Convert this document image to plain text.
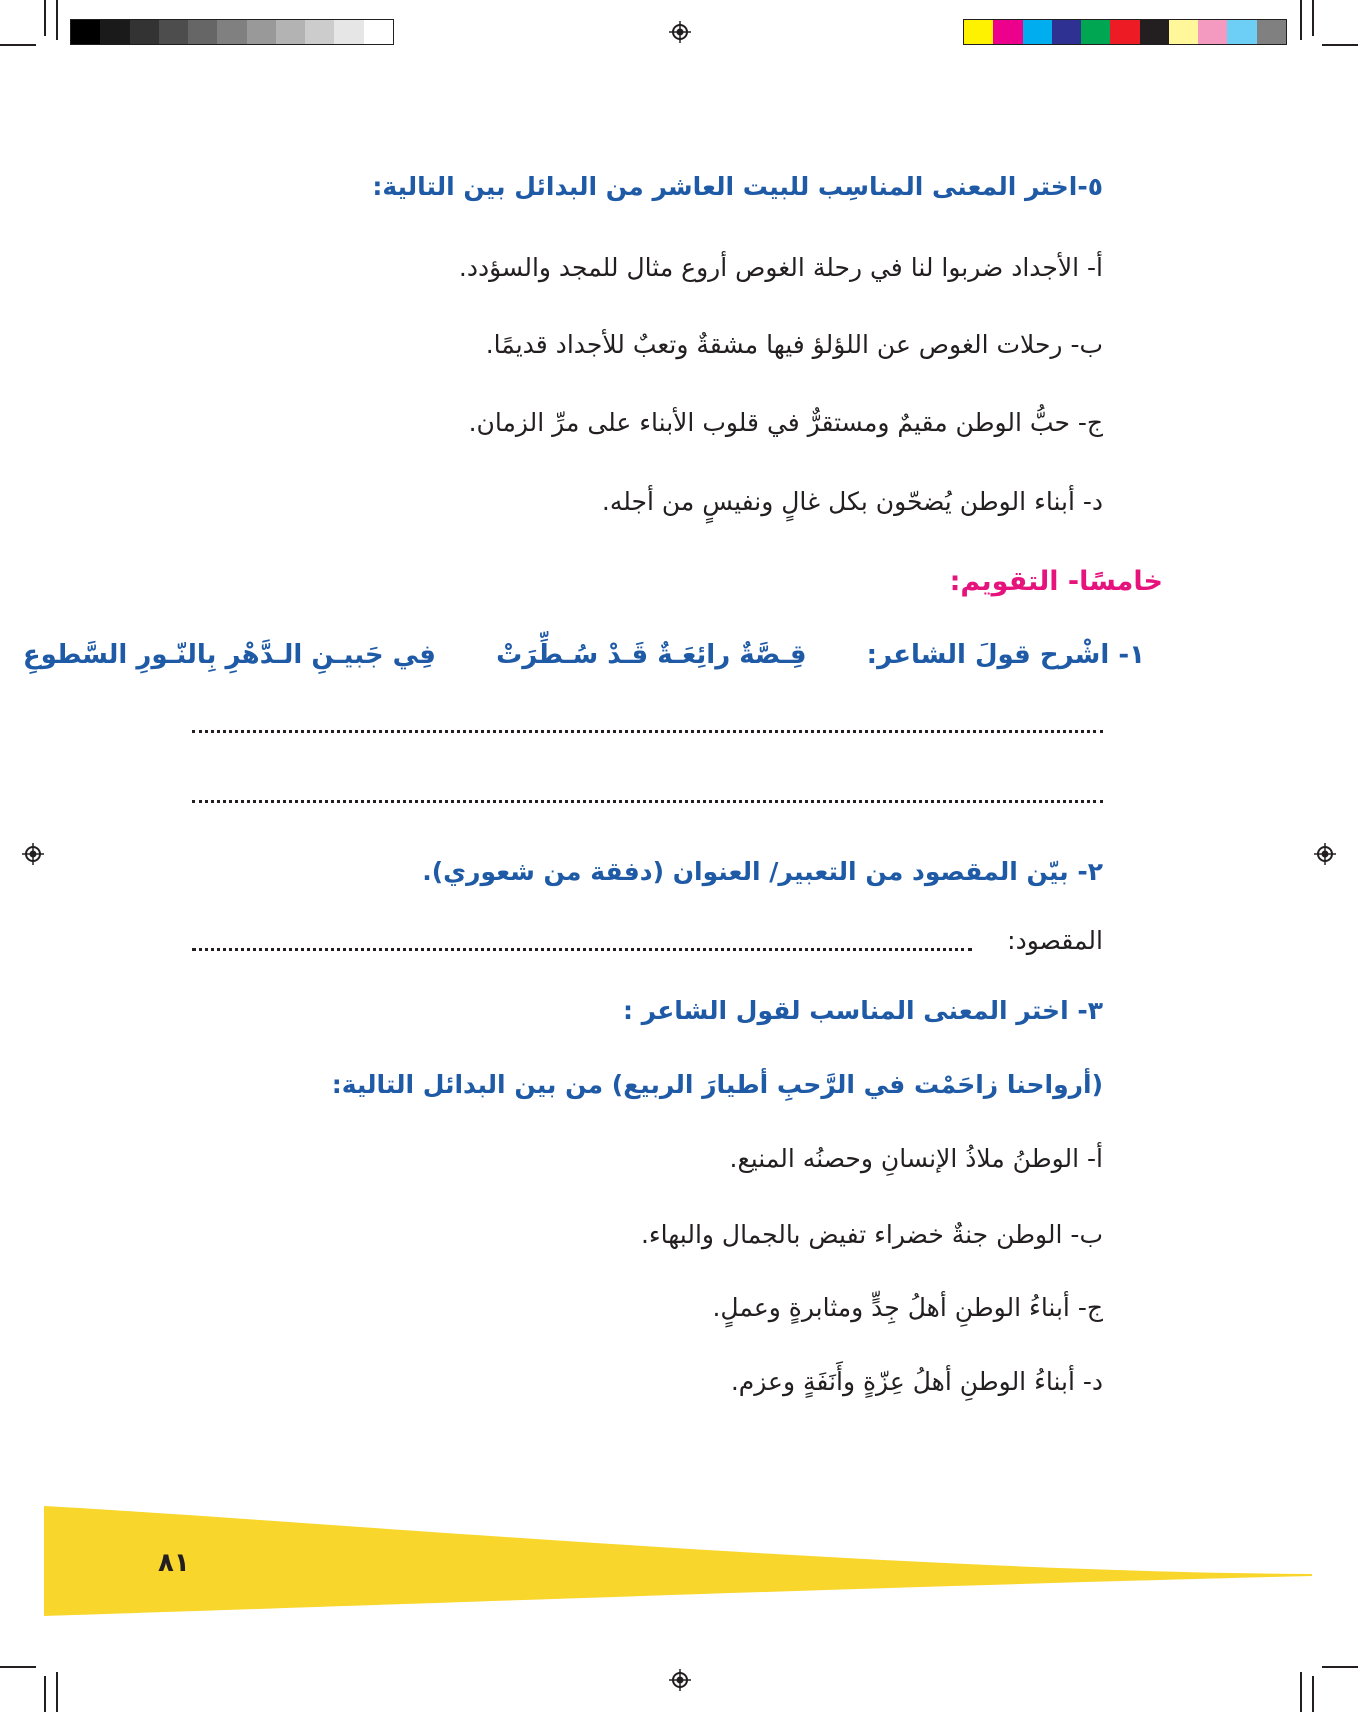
٥-اختر المعنى المناسِب للبيت العاشر من البدائل بين التالية:
أ- الأجداد ضربوا لنا في رحلة الغوص أروع مثال للمجد والسؤدد.
ب- رحلات الغوص عن اللؤلؤ فيها مشقةٌ وتعبٌ للأجداد قديمًا.
ج- حبُّ الوطن مقيمٌ ومستقرٌّ في قلوب الأبناء على مرِّ الزمان.
د- أبناء الوطن يُضحّون بكل غالٍ ونفيسٍ من أجله.
خامسًا- التقويم:
١- اشْرح قولَ الشاعر:  قِـصَّةٌ رائِعَـةٌ قَـدْ سُـطِّرَتْ  فِي جَبيـنِ الـدَّهْرِ بِالنّـورِ السَّطوعِ
٢- بيّن المقصود من التعبير/ العنوان (دفقة من شعوري).
المقصود:
٣- اختر المعنى المناسب لقول الشاعر :
(أرواحنا زاحَمْت في الرَّحبِ أطيارَ الربيع) من بين البدائل التالية:
أ- الوطنُ ملاذُ الإنسانِ وحصنُه المنيع.
ب- الوطن جنةٌ خضراء تفيض بالجمال والبهاء.
ج- أبناءُ الوطنِ أهلُ جِدٍّ ومثابرةٍ وعملٍ.
د- أبناءُ الوطنِ أهلُ عِزّةٍ وأَنَفَةٍ وعزم.
٨١
